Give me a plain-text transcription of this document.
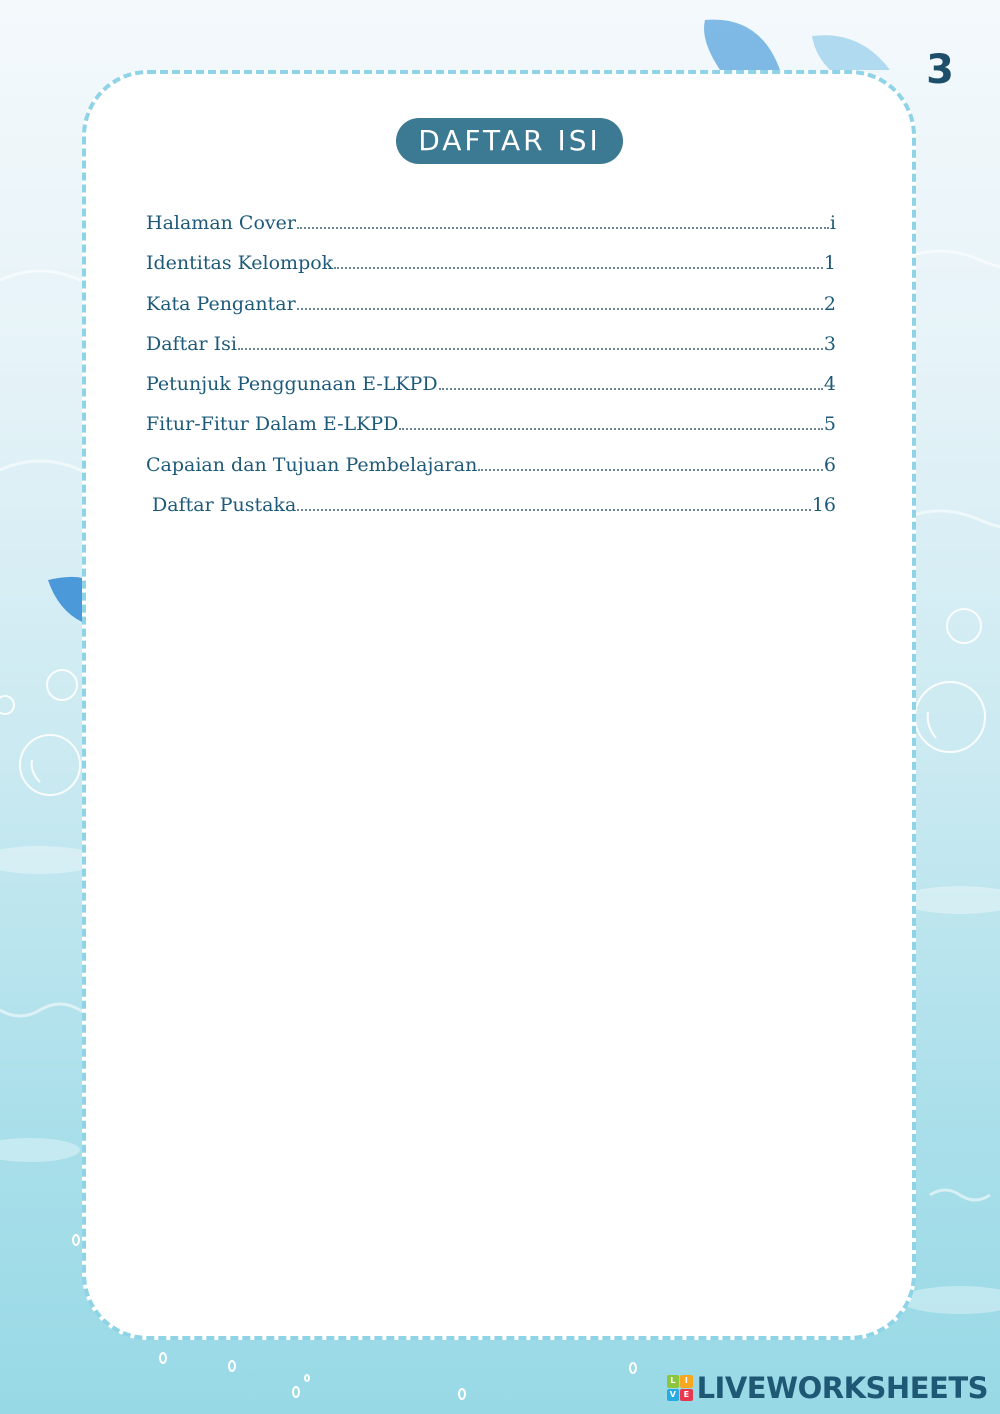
3
DAFTAR ISI
Halaman Cover	i
Identitas Kelompok	1
Kata Pengantar	2
Daftar Isi	3
Petunjuk Penggunaan E-LKPD	4
Fitur-Fitur Dalam E-LKPD	5
Capaian dan Tujuan Pembelajaran	6
Daftar Pustaka	16
L	I
V E LIVEWORKSHEETS
